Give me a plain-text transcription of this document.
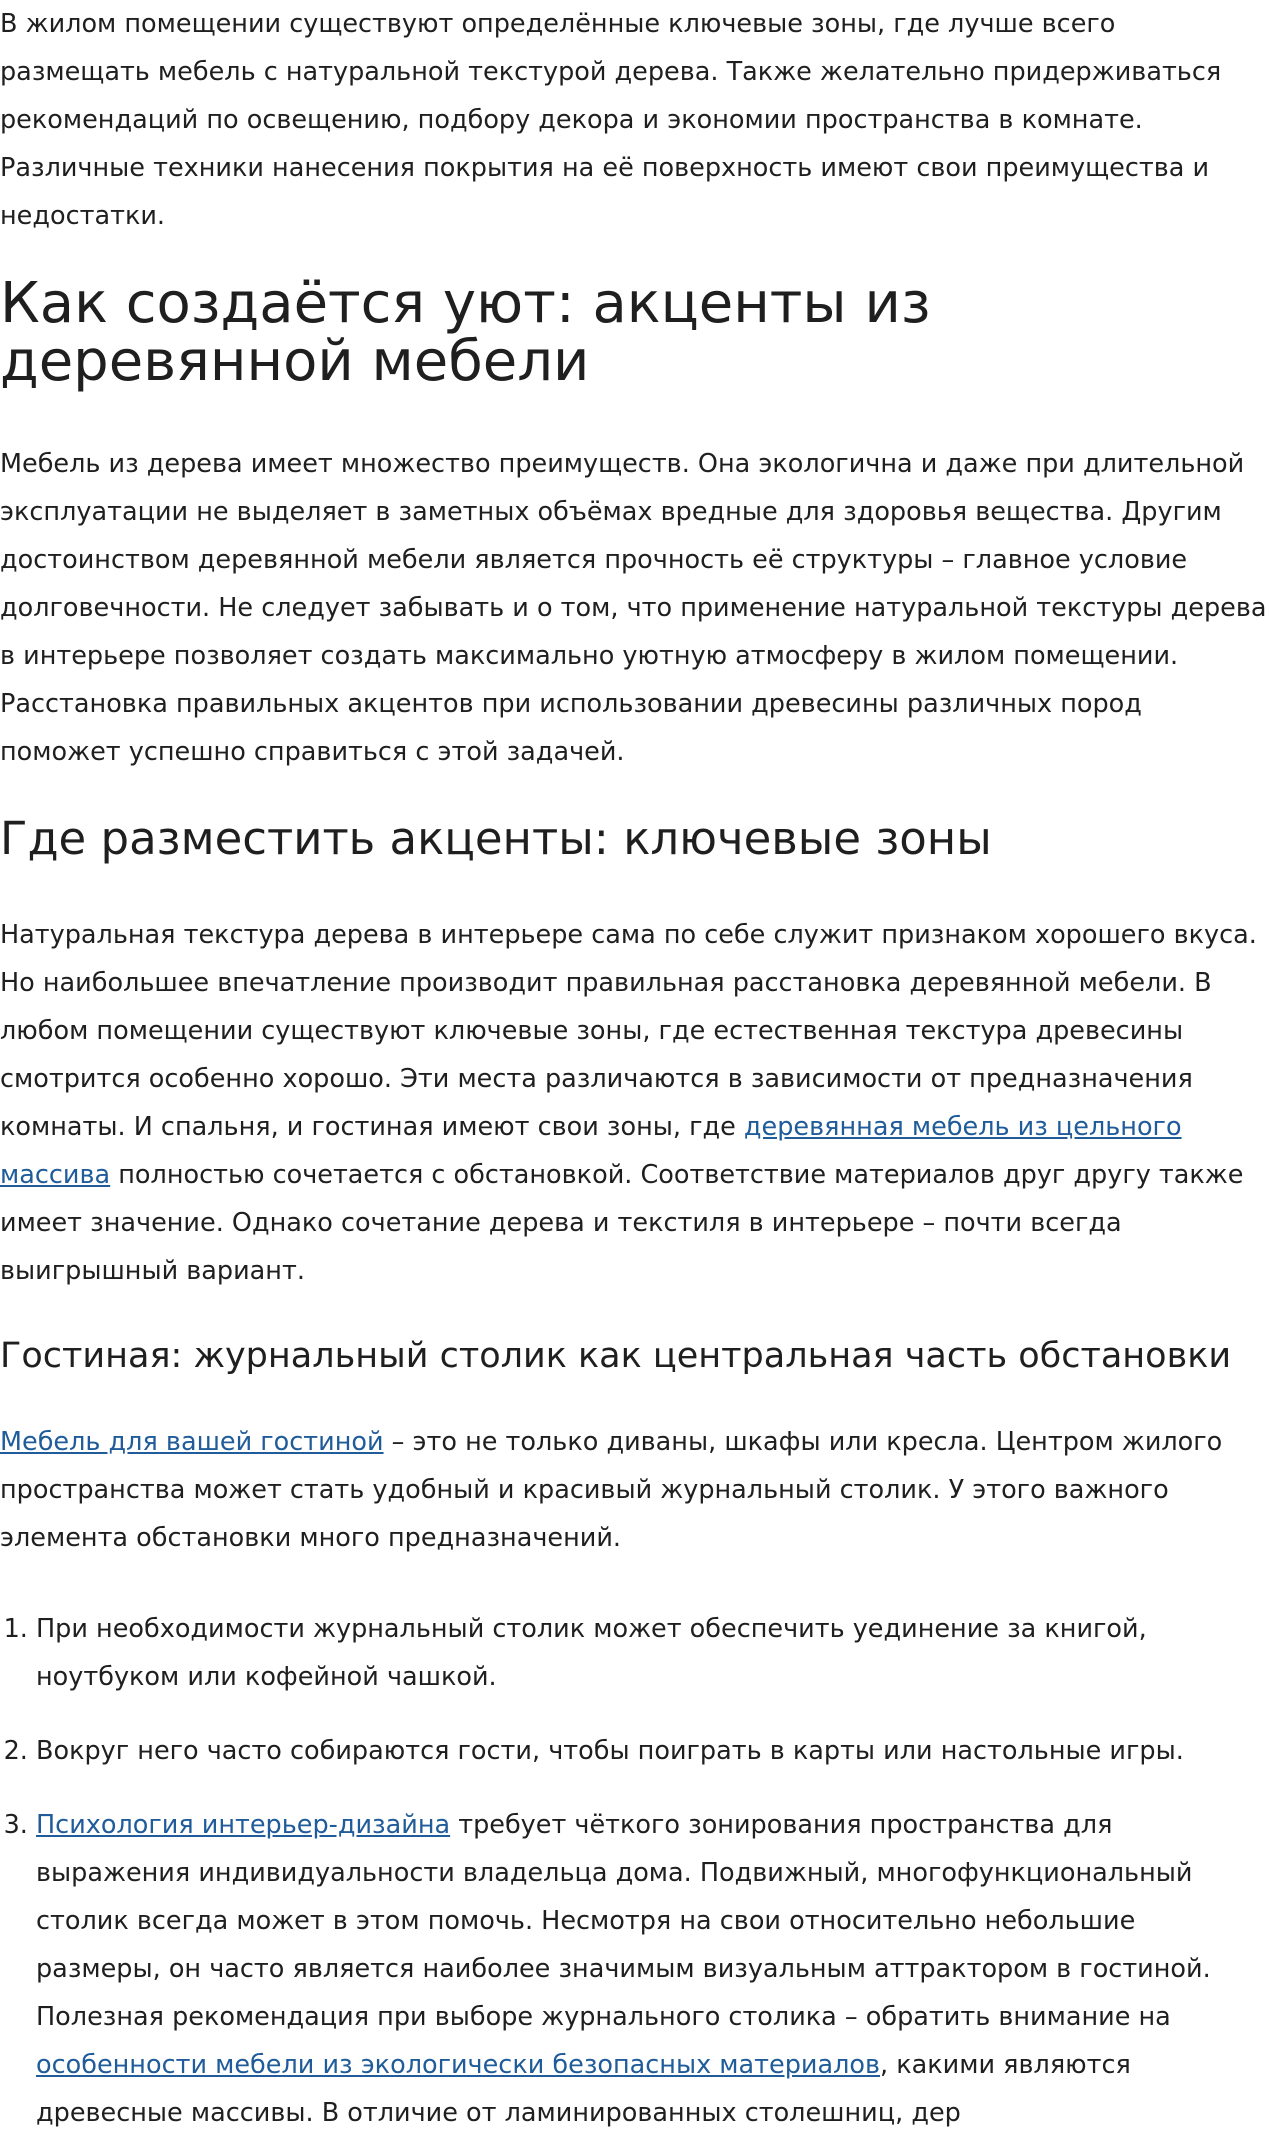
В жилом помещении существуют определённые ключевые зоны, где лучше всего размещать мебель с натуральной текстурой дерева. Также желательно придерживаться рекомендаций по освещению, подбору декора и экономии пространства в комнате. Различные техники нанесения покрытия на её поверхность имеют свои преимущества и недостатки.

Как создаётся уют: акценты из деревянной мебели

Мебель из дерева имеет множество преимуществ. Она экологична и даже при длительной эксплуатации не выделяет в заметных объёмах вредные для здоровья вещества. Другим достоинством деревянной мебели является прочность её структуры – главное условие долговечности. Не следует забывать и о том, что применение натуральной текстуры дерева в интерьере позволяет создать максимально уютную атмосферу в жилом помещении. Расстановка правильных акцентов при использовании древесины различных пород поможет успешно справиться с этой задачей.

Где разместить акценты: ключевые зоны

Натуральная текстура дерева в интерьере сама по себе служит признаком хорошего вкуса. Но наибольшее впечатление производит правильная расстановка деревянной мебели. В любом помещении существуют ключевые зоны, где естественная текстура древесины смотрится особенно хорошо. Эти места различаются в зависимости от предназначения комнаты. И спальня, и гостиная имеют свои зоны, где деревянная мебель из цельного массива полностью сочетается с обстановкой. Соответствие материалов друг другу также имеет значение. Однако сочетание дерева и текстиля в интерьере – почти всегда выигрышный вариант.

Гостиная: журнальный столик как центральная часть обстановки

Мебель для вашей гостиной – это не только диваны, шкафы или кресла. Центром жилого пространства может стать удобный и красивый журнальный столик. У этого важного элемента обстановки много предназначений.

1. При необходимости журнальный столик может обеспечить уединение за книгой, ноутбуком или кофейной чашкой.
2. Вокруг него часто собираются гости, чтобы поиграть в карты или настольные игры.
3. Психология интерьер-дизайна требует чёткого зонирования пространства для выражения индивидуальности владельца дома. Подвижный, многофункциональный столик всегда может в этом помочь. Несмотря на свои относительно небольшие размеры, он часто является наиболее значимым визуальным аттрактором в гостиной. Полезная рекомендация при выборе журнального столика – обратить внимание на особенности мебели из экологически безопасных материалов, какими являются древесные массивы. В отличие от ламинированных столешниц, дер
